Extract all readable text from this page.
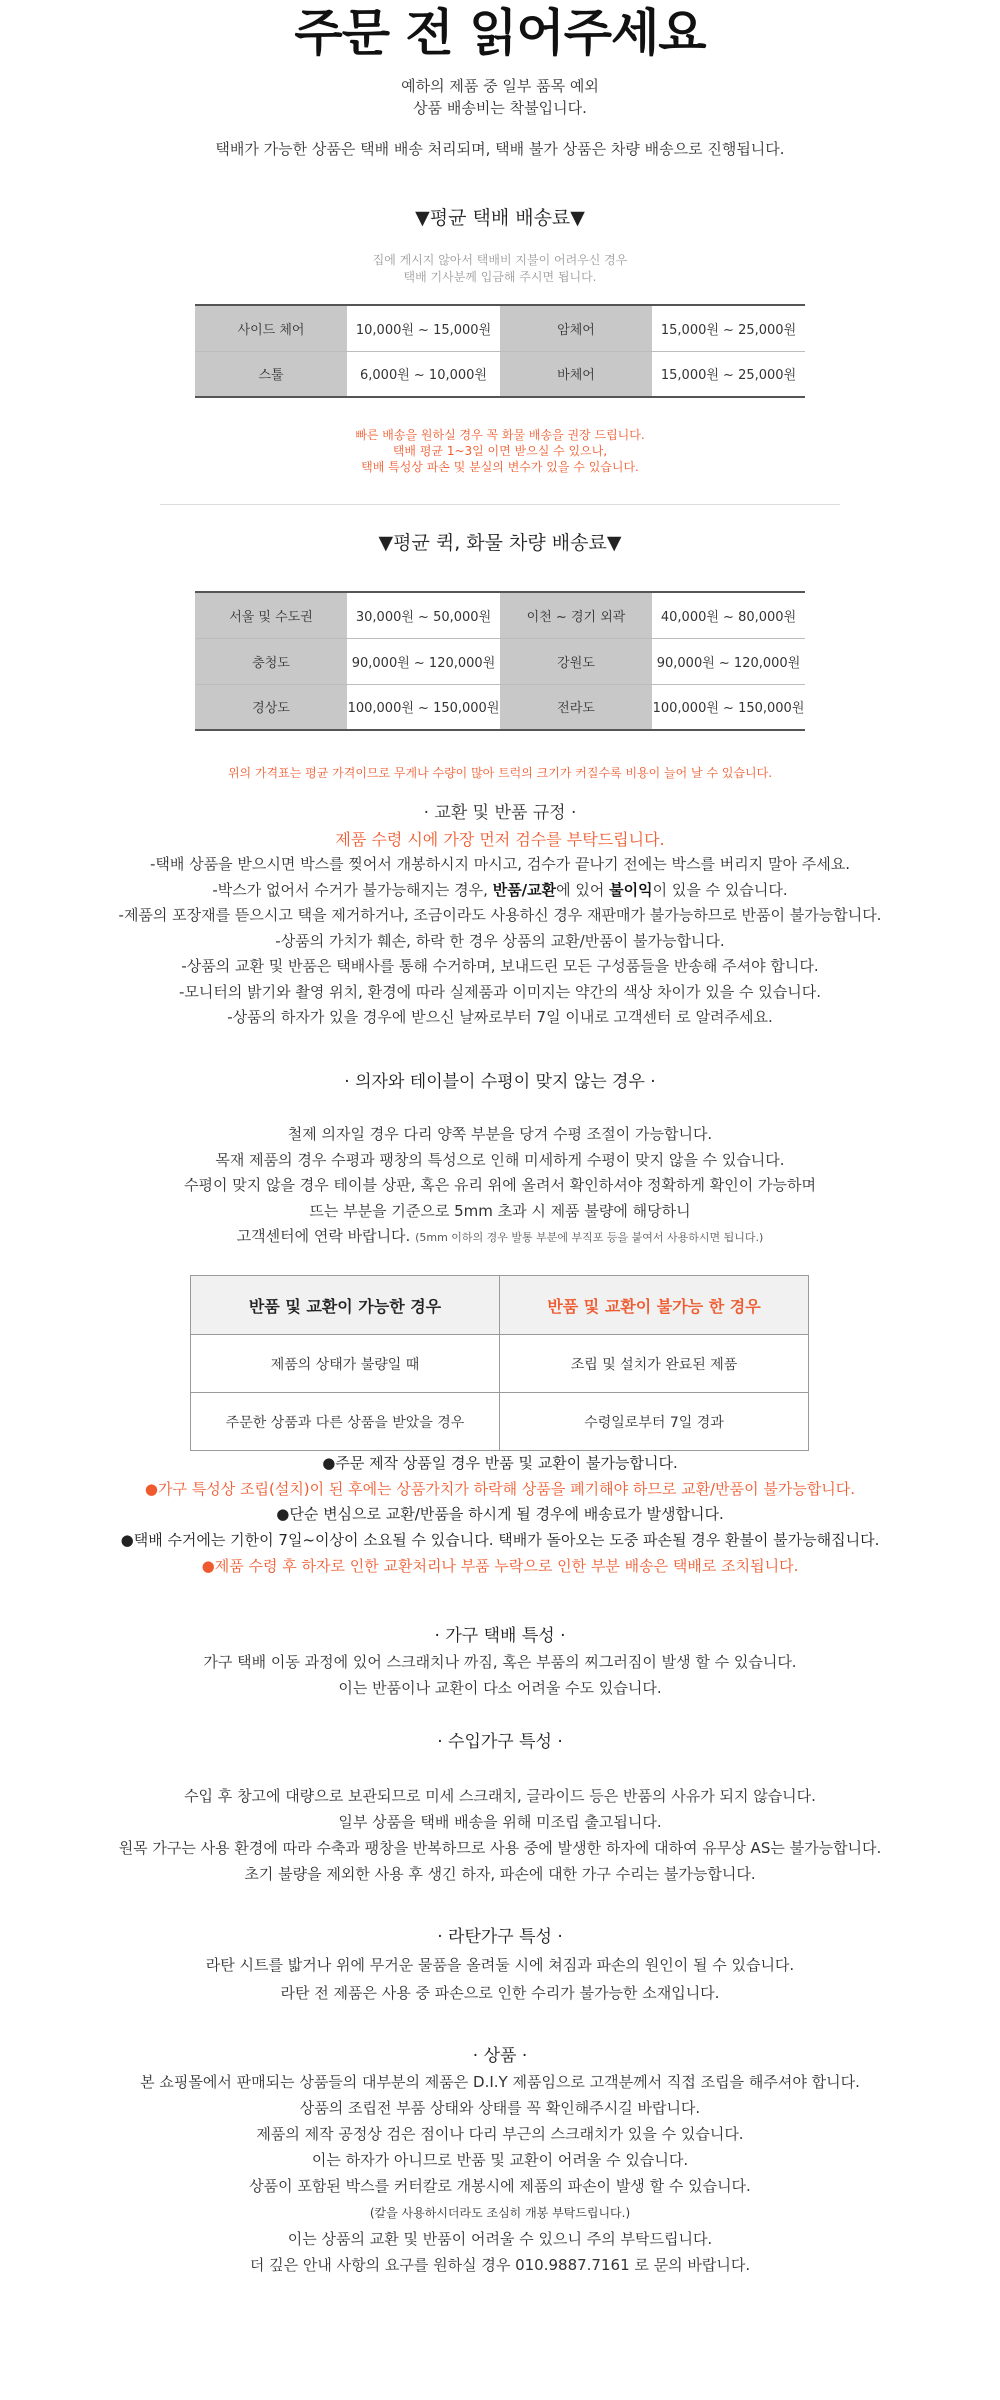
주문 전 읽어주세요
예하의 제품 중 일부 품목 예외
상품 배송비는 착불입니다.
택배가 가능한 상품은 택배 배송 처리되며, 택배 불가 상품은 차량 배송으로 진행됩니다.
▼평균 택배 배송료▼
집에 게시지 않아서 택배비 지불이 어려우신 경우
택배 기사분께 입금해 주시면 됩니다.
사이드 체어	10,000원 ~ 15,000원	암체어	15,000원 ~ 25,000원
스툴	6,000원 ~ 10,000원	바체어	15,000원 ~ 25,000원
빠른 배송을 원하실 경우 꼭 화물 배송을 권장 드립니다.
택배 평균 1~3일 이면 받으실 수 있으나,
택배 특성상 파손 및 분실의 변수가 있을 수 있습니다.
▼평균 퀵, 화물 차량 배송료▼
서울 및 수도권	30,000원 ~ 50,000원	이천 ~ 경기 외곽	40,000원 ~ 80,000원
충청도	90,000원 ~ 120,000원	강원도	90,000원 ~ 120,000원
경상도	100,000원 ~ 150,000원	전라도	100,000원 ~ 150,000원
위의 가격표는 평균 가격이므로 무게나 수량이 많아 트럭의 크기가 커질수록 비용이 늘어 날 수 있습니다.
· 교환 및 반품 규정 ·
제품 수령 시에 가장 먼저 검수를 부탁드립니다.
-택배 상품을 받으시면 박스를 찢어서 개봉하시지 마시고, 검수가 끝나기 전에는 박스를 버리지 말아 주세요.
-박스가 없어서 수거가 불가능해지는 경우, 반품/교환에 있어 불이익이 있을 수 있습니다.
-제품의 포장재를 뜯으시고 택을 제거하거나, 조금이라도 사용하신 경우 재판매가 불가능하므로 반품이 불가능합니다.
-상품의 가치가 훼손, 하락 한 경우 상품의 교환/반품이 불가능합니다.
-상품의 교환 및 반품은 택배사를 통해 수거하며, 보내드린 모든 구성품들을 반송해 주셔야 합니다.
-모니터의 밝기와 촬영 위치, 환경에 따라 실제품과 이미지는 약간의 색상 차이가 있을 수 있습니다.
-상품의 하자가 있을 경우에 받으신 날짜로부터 7일 이내로 고객센터 로 알려주세요.
· 의자와 테이블이 수평이 맞지 않는 경우 ·
철제 의자일 경우 다리 양쪽 부분을 당겨 수평 조절이 가능합니다.
목재 제품의 경우 수평과 팽창의 특성으로 인해 미세하게 수평이 맞지 않을 수 있습니다.
수평이 맞지 않을 경우 테이블 상판, 혹은 유리 위에 올려서 확인하셔야 정확하게 확인이 가능하며
뜨는 부분을 기준으로 5mm 초과 시 제품 불량에 해당하니
고객센터에 연락 바랍니다. (5mm 이하의 경우 발통 부분에 부직포 등을 붙여서 사용하시면 됩니다.)
반품 및 교환이 가능한 경우	반품 및 교환이 불가능 한 경우
제품의 상태가 불량일 때	조립 및 설치가 완료된 제품
주문한 상품과 다른 상품을 받았을 경우	수령일로부터 7일 경과
●주문 제작 상품일 경우 반품 및 교환이 불가능합니다.
●가구 특성상 조립(설치)이 된 후에는 상품가치가 하락해 상품을 폐기해야 하므로 교환/반품이 불가능합니다.
●단순 변심으로 교환/반품을 하시게 될 경우에 배송료가 발생합니다.
●택배 수거에는 기한이 7일~이상이 소요될 수 있습니다. 택배가 돌아오는 도중 파손될 경우 환불이 불가능해집니다.
●제품 수령 후 하자로 인한 교환처리나 부품 누락으로 인한 부분 배송은 택배로 조치됩니다.
· 가구 택배 특성 ·
가구 택배 이동 과정에 있어 스크래치나 까짐, 혹은 부품의 찌그러짐이 발생 할 수 있습니다.
이는 반품이나 교환이 다소 어려울 수도 있습니다.
· 수입가구 특성 ·
수입 후 창고에 대량으로 보관되므로 미세 스크래치, 글라이드 등은 반품의 사유가 되지 않습니다.
일부 상품을 택배 배송을 위해 미조립 출고됩니다.
원목 가구는 사용 환경에 따라 수축과 팽창을 반복하므로 사용 중에 발생한 하자에 대하여 유무상 AS는 불가능합니다.
초기 불량을 제외한 사용 후 생긴 하자, 파손에 대한 가구 수리는 불가능합니다.
· 라탄가구 특성 ·
라탄 시트를 밟거나 위에 무거운 물품을 올려둘 시에 쳐짐과 파손의 원인이 될 수 있습니다.
라탄 전 제품은 사용 중 파손으로 인한 수리가 불가능한 소재입니다.
· 상품 ·
본 쇼핑몰에서 판매되는 상품들의 대부분의 제품은 D.I.Y 제품임으로 고객분께서 직접 조립을 해주셔야 합니다.
상품의 조립전 부품 상태와 상태를 꼭 확인해주시길 바랍니다.
제품의 제작 공정상 검은 점이나 다리 부근의 스크래치가 있을 수 있습니다.
이는 하자가 아니므로 반품 및 교환이 어려울 수 있습니다.
상품이 포함된 박스를 커터칼로 개봉시에 제품의 파손이 발생 할 수 있습니다.
(칼을 사용하시더라도 조심히 개봉 부탁드립니다.)
이는 상품의 교환 및 반품이 어려울 수 있으니 주의 부탁드립니다.
더 깊은 안내 사항의 요구를 원하실 경우 010.9887.7161 로 문의 바랍니다.
